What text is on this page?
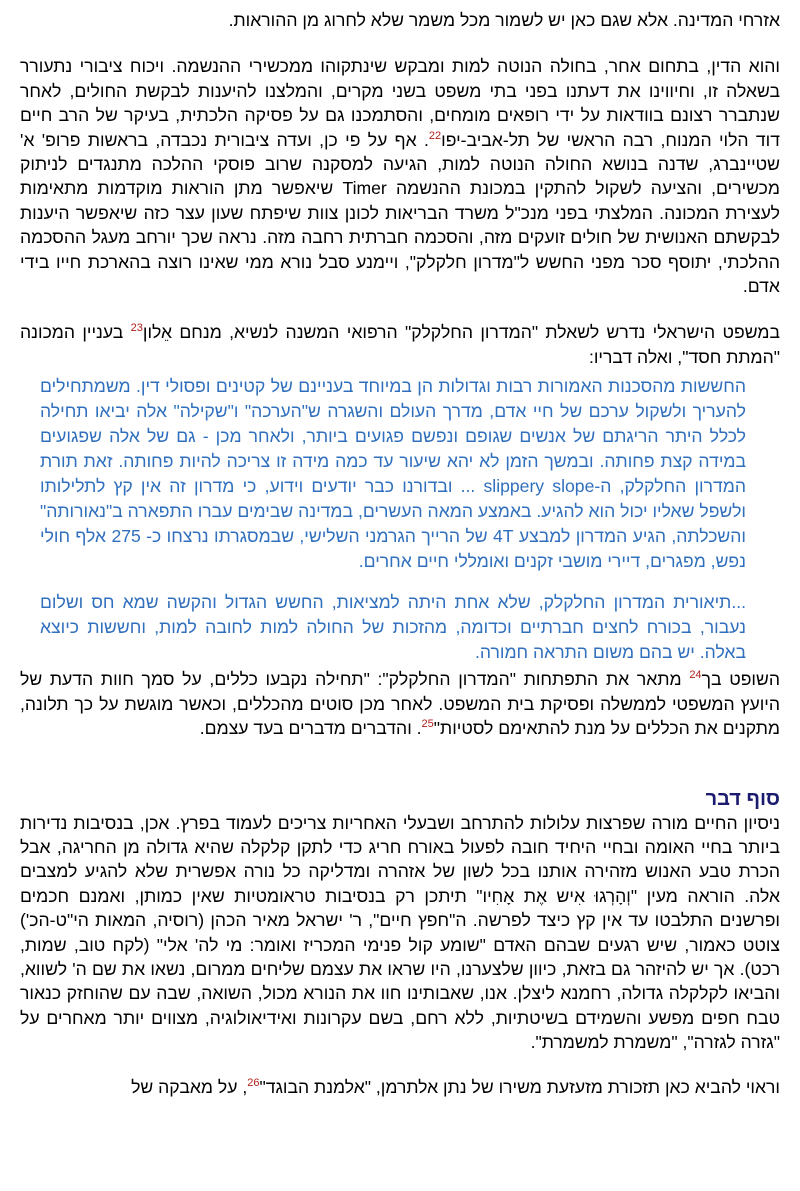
אזרחי המדינה. אלא שגם כאן יש לשמור מכל משמר שלא לחרוג מן ההוראות.

והוא הדין, בתחום אחר, בחולה הנוטה למות ומבקש שינתקוהו ממכשירי ההנשמה. ויכוח ציבורי נתעורר בשאלה זו, וחיווינו את דעתנו בפני בתי משפט בשני מקרים, והמלצנו להיענות לבקשת החולים, לאחר שנתברר רצונם בוודאות על ידי רופאים מומחים, והסתמכנו גם על פסיקה הלכתית, בעיקר של הרב חיים דוד הלוי המנוח, רבה הראשי של תל-אביב-יפו$^{22}$. אף על פי כן, ועדה ציבורית נכבדה, בראשות פרופ' א' שטיינברג, שדנה בנושא החולה הנוטה למות, הגיעה למסקנה שרוב פוסקי ההלכה מתנגדים לניתוק מכשירים, והציעה לשקול להתקין במכונת ההנשמה Timer שיאפשר מתן הוראות מוקדמות מתאימות לעצירת המכונה. המלצתי בפני מנכ"ל משרד הבריאות לכונן צוות שיפתח שעון עצר כזה שיאפשר היענות לבקשתם האנושית של חולים זועקים מזה, והסכמה חברתית רחבה מזה. נראה שכך יורחב מעגל ההסכמה ההלכתי, יתוסף סכר מפני החשש ל"מדרון חלקלק", ויימנע סבל נורא ממי שאינו רוצה בהארכת חייו בידי אדם.

במשפט הישראלי נדרש לשאלת "המדרון החלקלק" הרפואי המשנה לנשיא, מנחם אֵלון$^{23}$ בעניין המכונה "המתת חסד", ואלה דבריו:

החששות מהסכנות האמורות רבות וגדולות הן במיוחד בעניינם של קטינים ופסולי דין. משמתחילים להעריך ולשקול ערכם של חיי אדם, מדרך העולם והשגרה ש"הערכה" ו"שקילה" אלה יביאו תחילה לכלל היתר הריגתם של אנשים שגופם ונפשם פגועים ביותר, ולאחר מכן - גם של אלה שפגועים במידה קצת פחותה. ובמשך הזמן לא יהא שיעור עד כמה מידה זו צריכה להיות פחותה. זאת תורת המדרון החלקלק, ה-slippery slope ... ובדורנו כבר יודעים וידוע, כי מדרון זה אין קץ לתלילותו ולשפל שאליו יכול הוא להגיע. באמצע המאה העשרים, במדינה שבימים עברו התפארה ב"נאורותה" והשכלתה, הגיע המדרון למבצע 4T של הרייך הגרמני השלישי, שבמסגרתו נרצחו כ- 275 אלף חולי נפש, מפגרים, דיירי מושבי זקנים ואומללי חיים אחרים.

...תיאורית המדרון החלקלק, שלא אחת היתה למציאות, החשש הגדול והקשה שמא חס ושלום נעבור, בכורח לחצים חברתיים וכדומה, מהזכות של החולה למות לחובה למות, וחששות כיוצא באלה. יש בהם משום התראה חמורה.

השופט בך$^{24}$ מתאר את התפתחות "המדרון החלקלק": "תחילה נקבעו כללים, על סמך חוות הדעת של היועץ המשפטי לממשלה ופסיקת בית המשפט. לאחר מכן סוטים מהכללים, וכאשר מוגשת על כך תלונה, מתקנים את הכללים על מנת להתאימם לסטיות"$^{25}$. והדברים מדברים בעד עצמם.

סוף דבר

ניסיון החיים מורה שפרצות עלולות להתרחב ושבעלי האחריות צריכים לעמוד בפרץ. אכן, בנסיבות נדירות ביותר בחיי האומה ובחיי היחיד חובה לפעול באורח חריג כדי לתקן קלקלה שהיא גדולה מן החריגה, אבל הכרת טבע האנוש מזהירה אותנו בכל לשון של אזהרה ומדליקה כל נורה אפשרית שלא להגיע למצבים אלה. הוראה מעין "וְהָרְגוּ אִיש אֶת אָחִיו" תיתכן רק בנסיבות טראומטיות שאין כמותן, ואמנם חכמים ופרשנים התלבטו עד אין קץ כיצד לפרשה. ה"חפץ חיים", ר' ישראל מאיר הכהן (רוסיה, המאות הי"ט-הכ') צוטט כאמור, שיש רגעים שבהם האדם "שומע קול פנימי המכריז ואומר: מי לה' אלי" (לקח טוב, שמות, רכט). אך יש להיזהר גם בזאת, כיוון שלצערנו, היו שראו את עצמם שליחים ממרום, נשאו את שם ה' לשווא, והביאו לקלקלה גדולה, רחמנא ליצלן. אנו, שאבותינו חוו את הנורא מכול, השואה, שבה עם שהוחזק כנאור טבח חפים מפשע והשמידם בשיטתיות, ללא רחם, בשם עקרונות ואידיאולוגיה, מצווים יותר מאחרים על "גזרה לגזרה", "משמרת למשמרת".

וראוי להביא כאן תזכורת מזעזעת משירו של נתן אלתרמן, "אלמנת הבוגד"$^{26}$, על מאבקה של
